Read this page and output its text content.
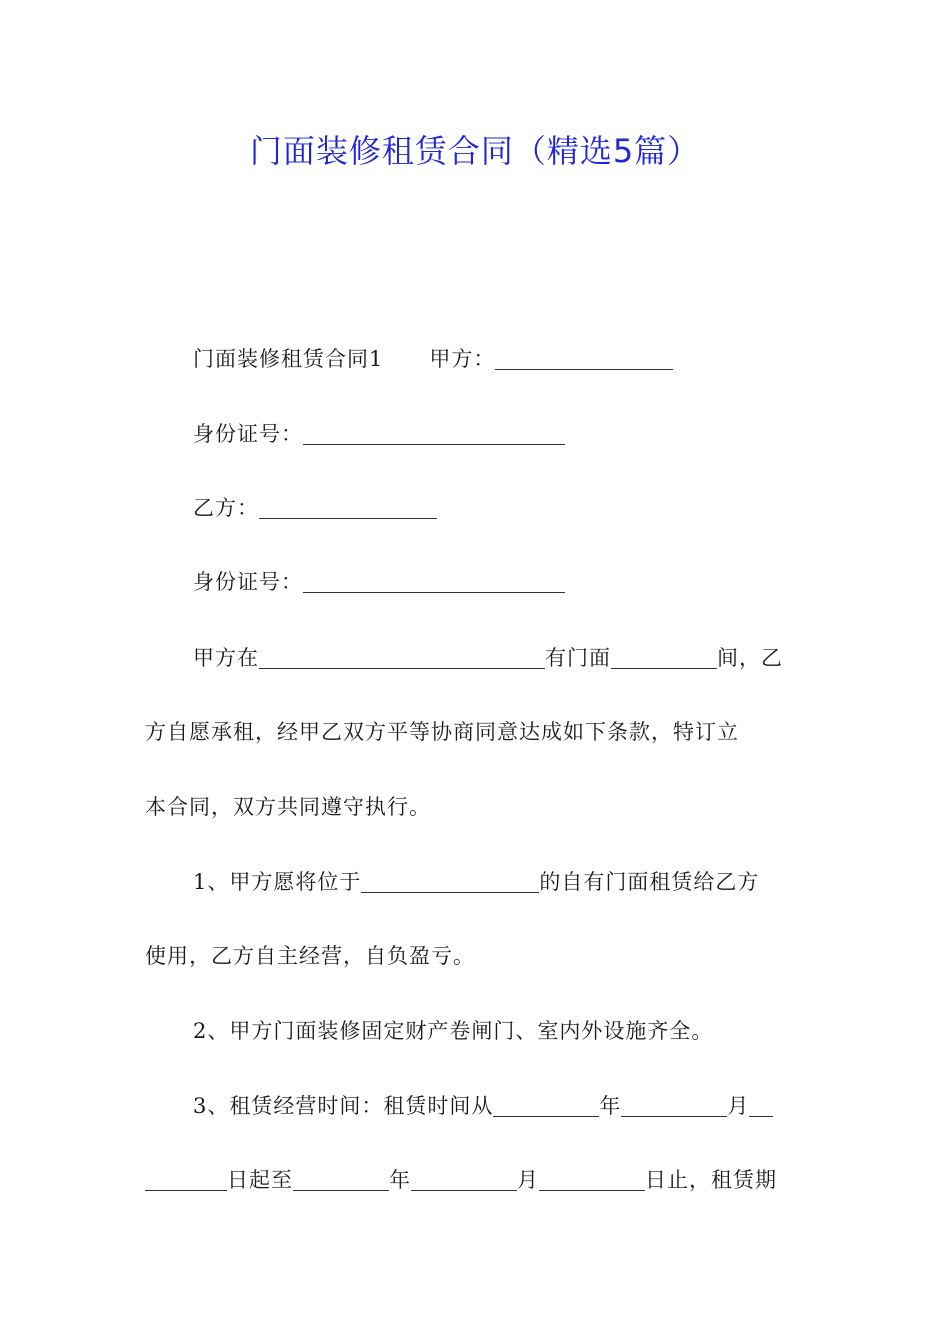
门面装修租赁合同（精选5篇）
门面装修租赁合同1 甲方：
身份证号：
乙方：
身份证号：
甲方在	有门面	间，乙
方自愿承租，经甲乙双方平等协商同意达成如下条款，特订立
本合同，双方共同遵守执行。
1、甲方愿将位于	的自有门面租赁给乙方
使用，乙方自主经营，自负盈亏。
2、甲方门面装修固定财产卷闸门、室内外设施齐全。
3、租赁经营时间：租赁时间从	年	月
日起至	年	月	日止，租赁期
